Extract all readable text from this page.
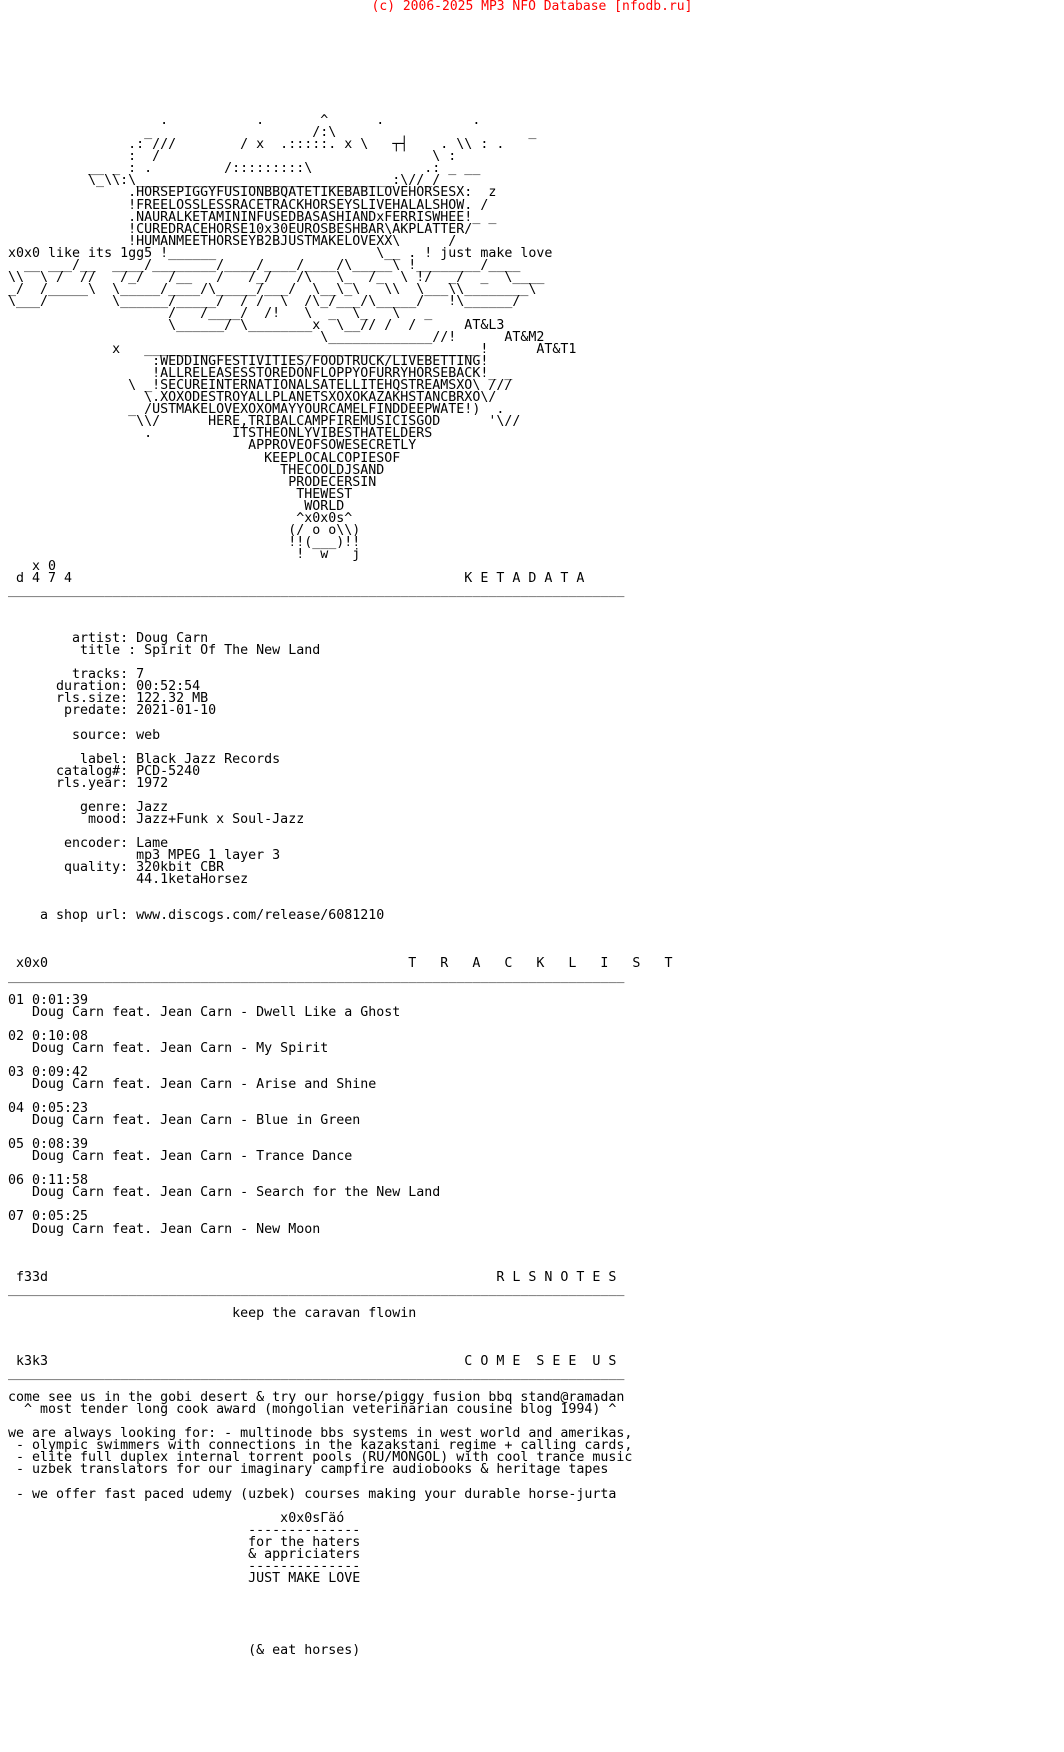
(c) 2006-2025 MP3 NFO Database [nfodb.ru]

.           .       ^      .           .
_                    /:\                        _
.: ///        / x  .:::::. x \   ┬┤    . \\ : .
:  /                                  \ :
__ _ : .         /:::::::::\              .: _ __
\_\\:\________________________________:\//_/
.HORSEPIGGYFUSIONBBQATETIKEBABILOVEHORSESX:  z
!FREELOSSLESSRACETRACKHORSEYSLIVEHALALSHOW. /
.NAURALKETAMININFUSEDBASASHIANDxFERRISWHEE!_ _
!CUREDRACEHORSE10x30EUROSBESHBAR\AKPLATTER/
!HUMANMEETHORSEYB2BJUSTMAKELOVEXX\      /
x0x0 like its 1gg5 !______                    \__ . ! just make love
__ ___/__  ____/________/____/____/____/\_____\ !________/____
\\  \ /  //   /_/   /__   /   /_/   /\   \_  /_  \ !/  _/  _  \____
_/  /_____\  \_____/____/\_____/___/  \__\_\   \\  \___\\________\
\___/        \______/_____/  / /  \  /\_/___/\_____/   !\______/
/   /____/  /!   \  _  \_   \   _
\______/ \________x  \__// /  /      AT&L3
\_____________//!      AT&M2
x   __________________________________________!      AT&T1
:WEDDINGFESTIVITIES/FOODTRUCK/LIVEBETTING!
!ALLRELEASESSTOREDONFLOPPYOFURRYHORSEBACK!_ _
\ _!SECUREINTERNATIONALSATELLITEHQSTREAMSXO\ ///
\.XOXODESTROYALLPLANETSXOXOKAZAKHSTANCBRXO\/
_ /USTMAKELOVEXOXOMAYYOURCAMELFINDDEEPWATE!)  .
\\/      HERE,TRIBALCAMPFIREMUSICISGOD      '\//
.          ITSTHEONLYVIBESTHATELDERS
APPROVEOFSOWESECRETLY
KEEPLOCALCOPIESOF
THECOOLDJSAND
PRODECERSIN
THEWEST
WORLD
^x0x0s^
(/ o o\\)
!!(___)!!
!  w   j
x 0
d 4 7 4                                                 K E T A D A T A
_____________________________________________________________________________

artist: Doug Carn
title : Spirit Of The New Land

tracks: 7
duration: 00:52:54
rls.size: 122.32 MB
predate: 2021-01-10

source: web

label: Black Jazz Records
catalog#: PCD-5240
rls.year: 1972

genre: Jazz
mood: Jazz+Funk x Soul-Jazz

encoder: Lame
mp3 MPEG 1 layer 3
quality: 320kbit CBR
44.1ketaHorsez

a shop url: www.discogs.com/release/6081210

x0x0                                             T   R   A   C   K   L   I   S   T
_____________________________________________________________________________

01 0:01:39
Doug Carn feat. Jean Carn - Dwell Like a Ghost

02 0:10:08
Doug Carn feat. Jean Carn - My Spirit

03 0:09:42
Doug Carn feat. Jean Carn - Arise and Shine

04 0:05:23
Doug Carn feat. Jean Carn - Blue in Green

05 0:08:39
Doug Carn feat. Jean Carn - Trance Dance

06 0:11:58
Doug Carn feat. Jean Carn - Search for the New Land

07 0:05:25
Doug Carn feat. Jean Carn - New Moon

f33d                                                        R L S N O T E S
_____________________________________________________________________________

keep the caravan flowin

k3k3                                                    C O M E  S E E  U S
_____________________________________________________________________________

come see us in the gobi desert & try our horse/piggy fusion bbq stand@ramadan
^ most tender long cook award (mongolian veterinarian cousine blog 1994) ^

we are always looking for: - multinode bbs systems in west world and amerikas,
- olympic swimmers with connections in the kazakstani regime + calling cards,
- elite full duplex internal torrent pools (RU/MONGOL) with cool trance music
- uzbek translators for our imaginary campfire audiobooks & heritage tapes

- we offer fast paced udemy (uzbek) courses making your durable horse-jurta

x0x0sГäó
--------------
for the haters
& appriciaters
--------------
JUST MAKE LOVE

(& eat horses)
